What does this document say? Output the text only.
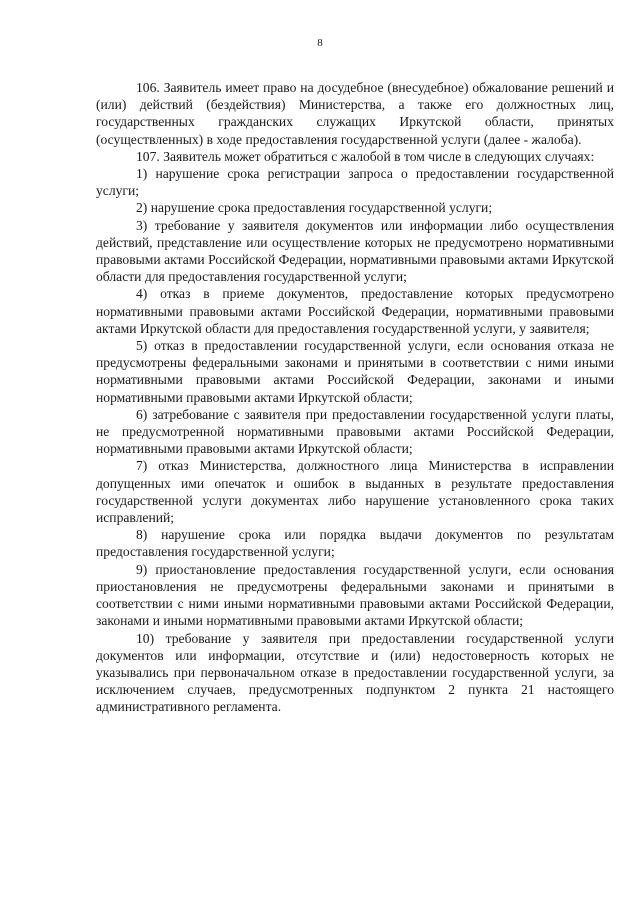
8

106. Заявитель имеет право на досудебное (внесудебное) обжалование решений и (или) действий (бездействия) Министерства, а также его должностных лиц, государственных гражданских служащих Иркутской области, принятых (осуществленных) в ходе предоставления государственной услуги (далее - жалоба).

107. Заявитель может обратиться с жалобой в том числе в следующих случаях:

1) нарушение срока регистрации запроса о предоставлении государственной услуги;

2) нарушение срока предоставления государственной услуги;

3) требование у заявителя документов или информации либо осуществления действий, представление или осуществление которых не предусмотрено нормативными правовыми актами Российской Федерации, нормативными правовыми актами Иркутской области для предоставления государственной услуги;

4) отказ в приеме документов, предоставление которых предусмотрено нормативными правовыми актами Российской Федерации, нормативными правовыми актами Иркутской области для предоставления государственной услуги, у заявителя;

5) отказ в предоставлении государственной услуги, если основания отказа не предусмотрены федеральными законами и принятыми в соответствии с ними иными нормативными правовыми актами Российской Федерации, законами и иными нормативными правовыми актами Иркутской области;

6) затребование с заявителя при предоставлении государственной услуги платы, не предусмотренной нормативными правовыми актами Российской Федерации, нормативными правовыми актами Иркутской области;

7) отказ Министерства, должностного лица Министерства в исправлении допущенных ими опечаток и ошибок в выданных в результате предоставления государственной услуги документах либо нарушение установленного срока таких исправлений;

8) нарушение срока или порядка выдачи документов по результатам предоставления государственной услуги;

9) приостановление предоставления государственной услуги, если основания приостановления не предусмотрены федеральными законами и принятыми в соответствии с ними иными нормативными правовыми актами Российской Федерации, законами и иными нормативными правовыми актами Иркутской области;

10) требование у заявителя при предоставлении государственной услуги документов или информации, отсутствие и (или) недостоверность которых не указывались при первоначальном отказе в предоставлении государственной услуги, за исключением случаев, предусмотренных подпунктом 2 пункта 21 настоящего административного регламента.
